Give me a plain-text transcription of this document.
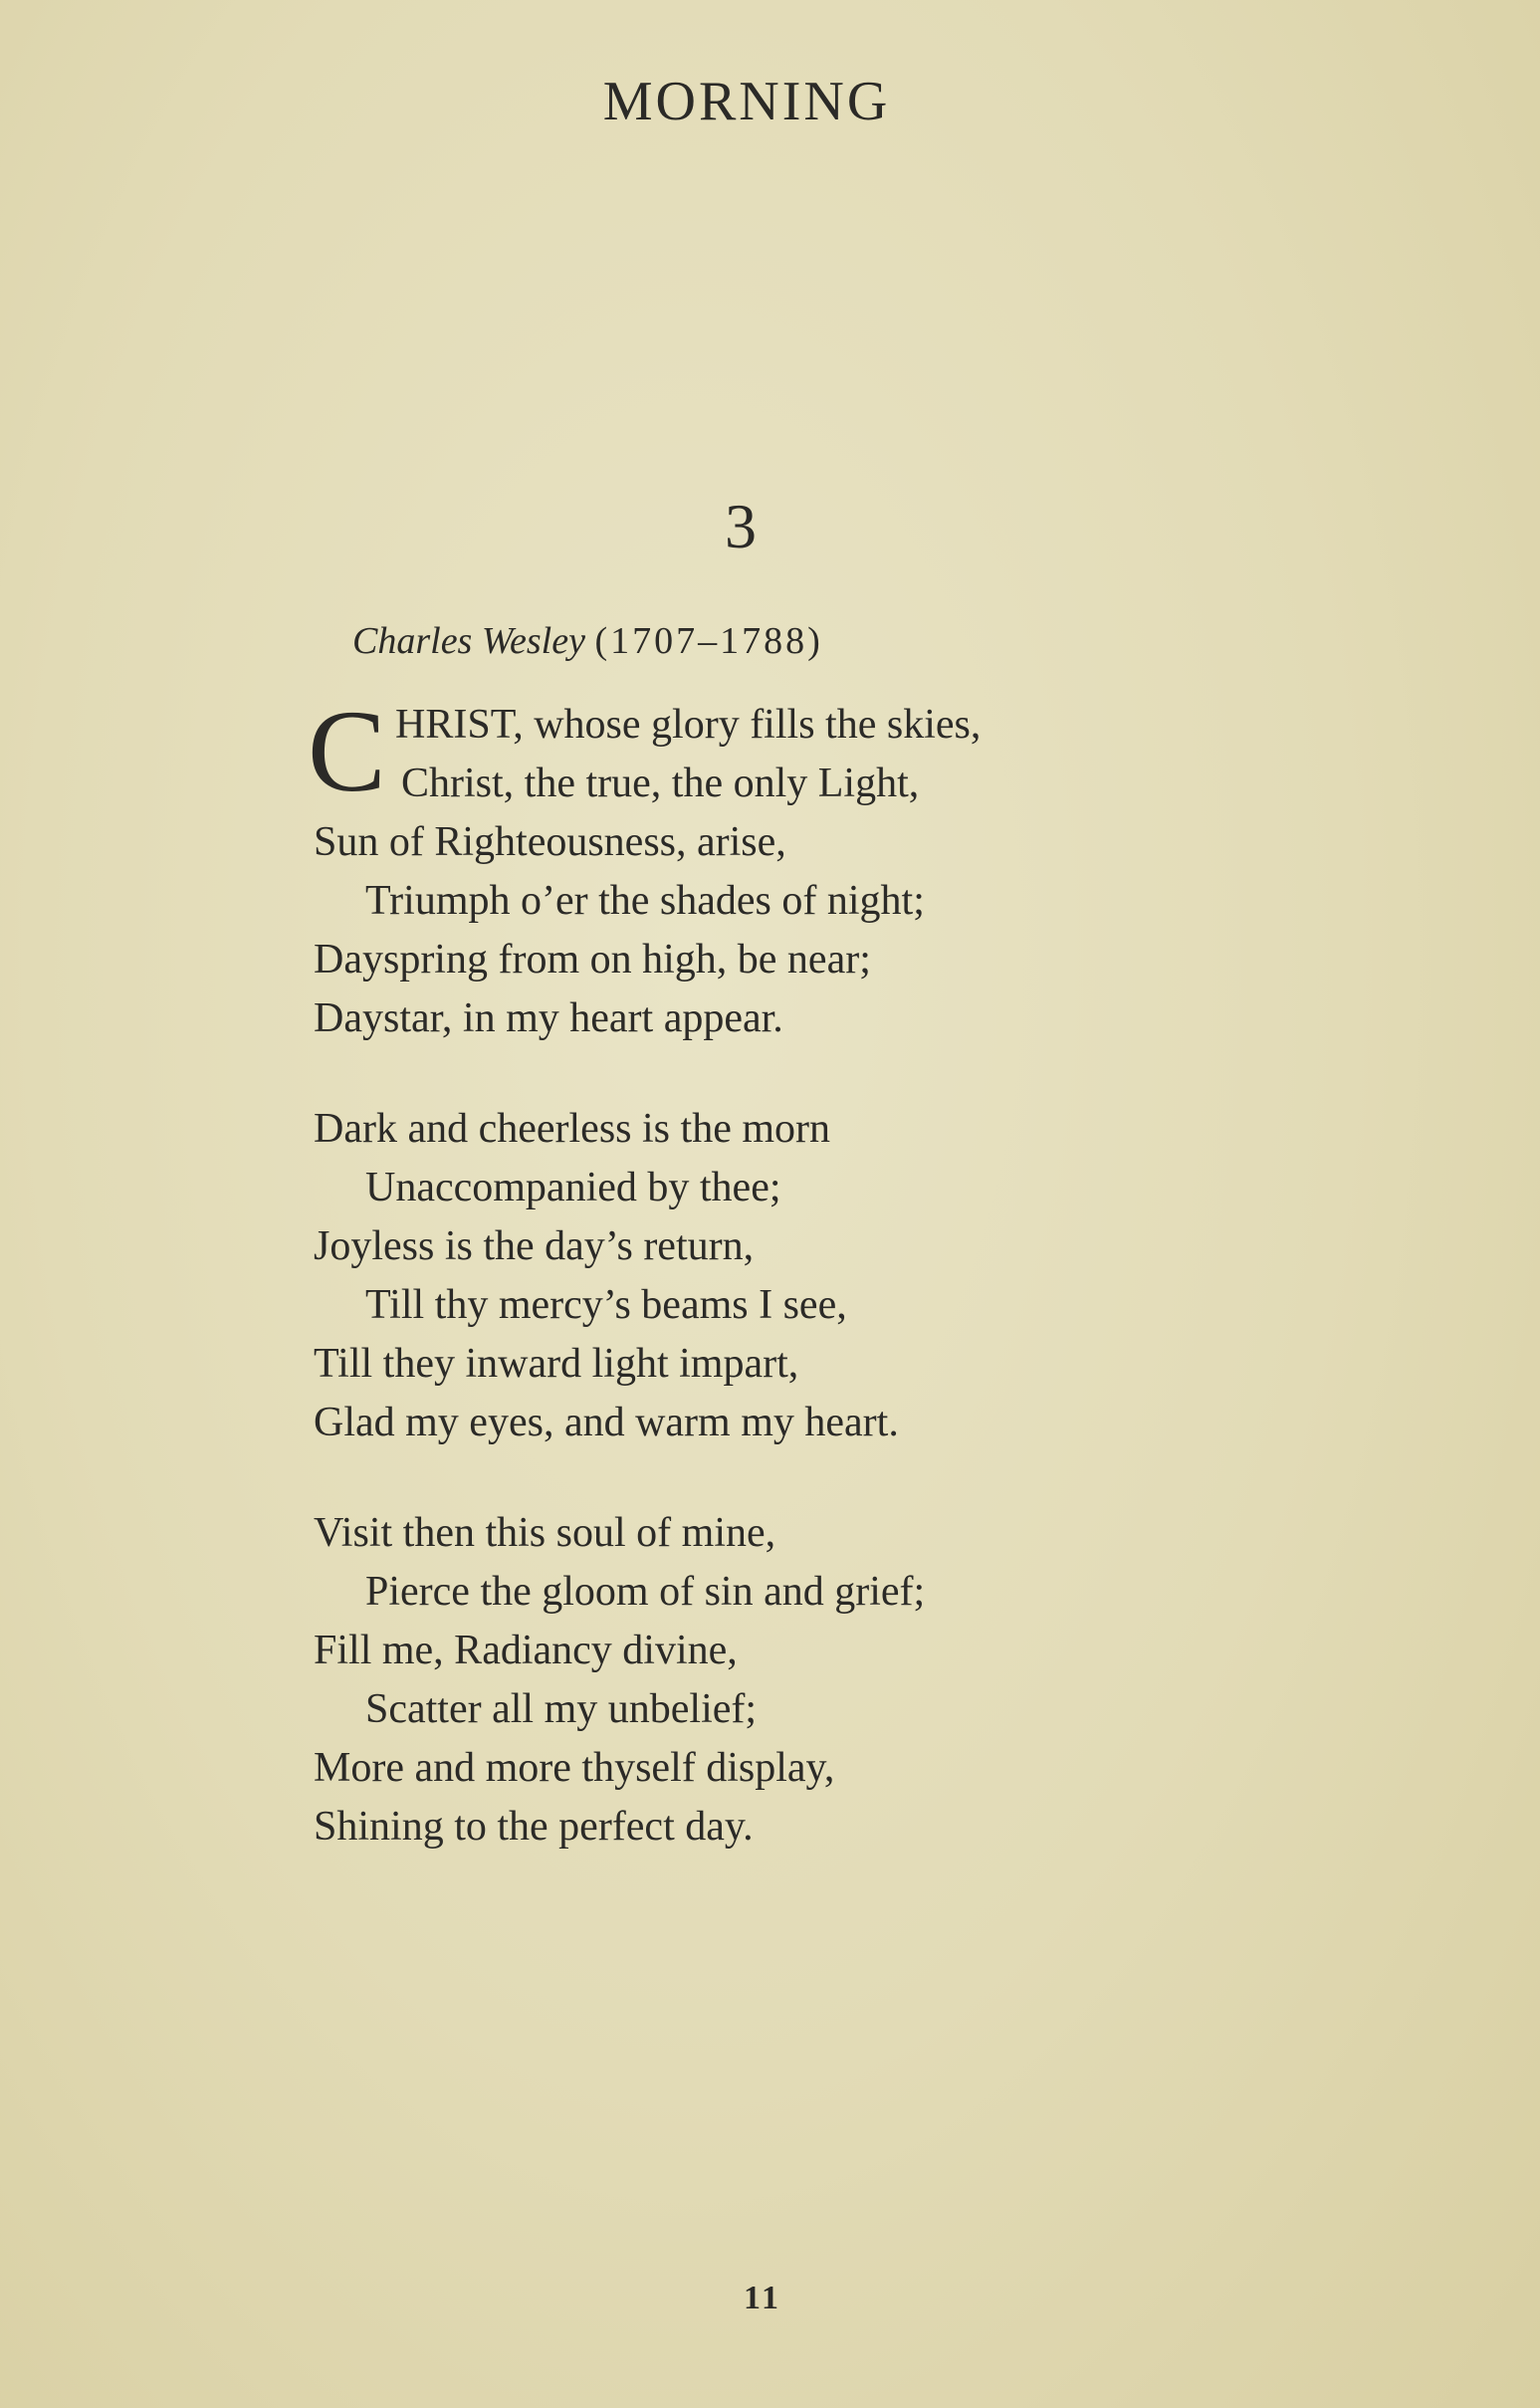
MORNING
3
Charles Wesley (1707–1788)
C HRIST, whose glory fills the skies,
Christ, the true, the only Light,
Sun of Righteousness, arise,
Triumph o’er the shades of night;
Dayspring from on high, be near;
Daystar, in my heart appear.
Dark and cheerless is the morn
Unaccompanied by thee;
Joyless is the day’s return,
Till thy mercy’s beams I see,
Till they inward light impart,
Glad my eyes, and warm my heart.
Visit then this soul of mine,
Pierce the gloom of sin and grief;
Fill me, Radiancy divine,
Scatter all my unbelief;
More and more thyself display,
Shining to the perfect day.
11
